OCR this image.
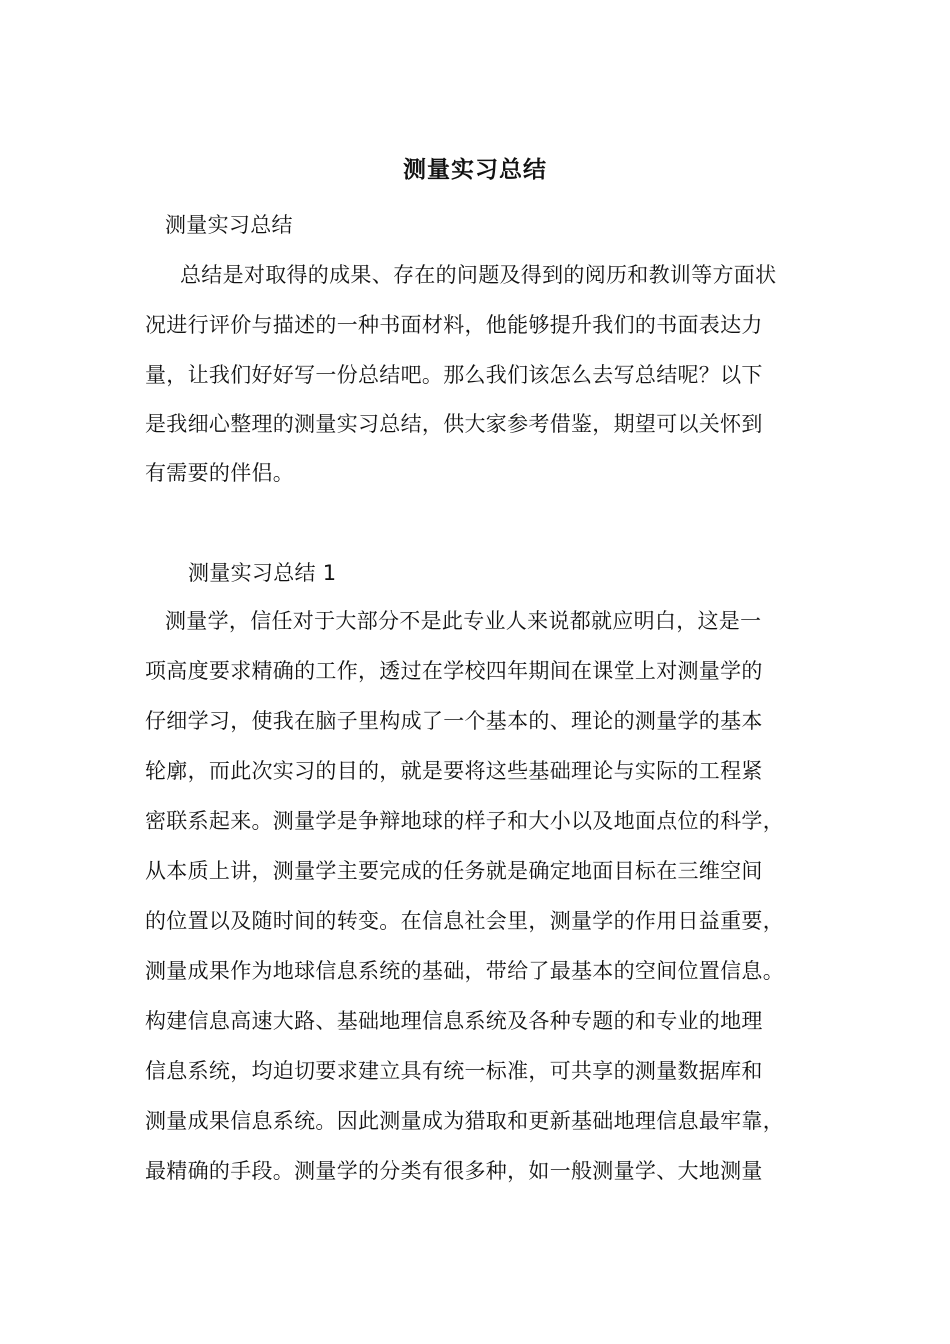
测量实习总结
测量实习总结
总结是对取得的成果、存在的问题及得到的阅历和教训等方面状
况进行评价与描述的一种书面材料，他能够提升我们的书面表达力
量，让我们好好写一份总结吧。那么我们该怎么去写总结呢？以下
是我细心整理的测量实习总结，供大家参考借鉴，期望可以关怀到
有需要的伴侣。
测量实习总结 1
测量学，信任对于大部分不是此专业人来说都就应明白，这是一
项高度要求精确的工作，透过在学校四年期间在课堂上对测量学的
仔细学习，使我在脑子里构成了一个基本的、理论的测量学的基本
轮廓，而此次实习的目的，就是要将这些基础理论与实际的工程紧
密联系起来。测量学是争辩地球的样子和大小以及地面点位的科学，
从本质上讲，测量学主要完成的任务就是确定地面目标在三维空间
的位置以及随时间的转变。在信息社会里，测量学的作用日益重要，
测量成果作为地球信息系统的基础，带给了最基本的空间位置信息。
构建信息高速大路、基础地理信息系统及各种专题的和专业的地理
信息系统，均迫切要求建立具有统一标准，可共享的测量数据库和
测量成果信息系统。因此测量成为猎取和更新基础地理信息最牢靠，
最精确的手段。测量学的分类有很多种，如一般测量学、大地测量
